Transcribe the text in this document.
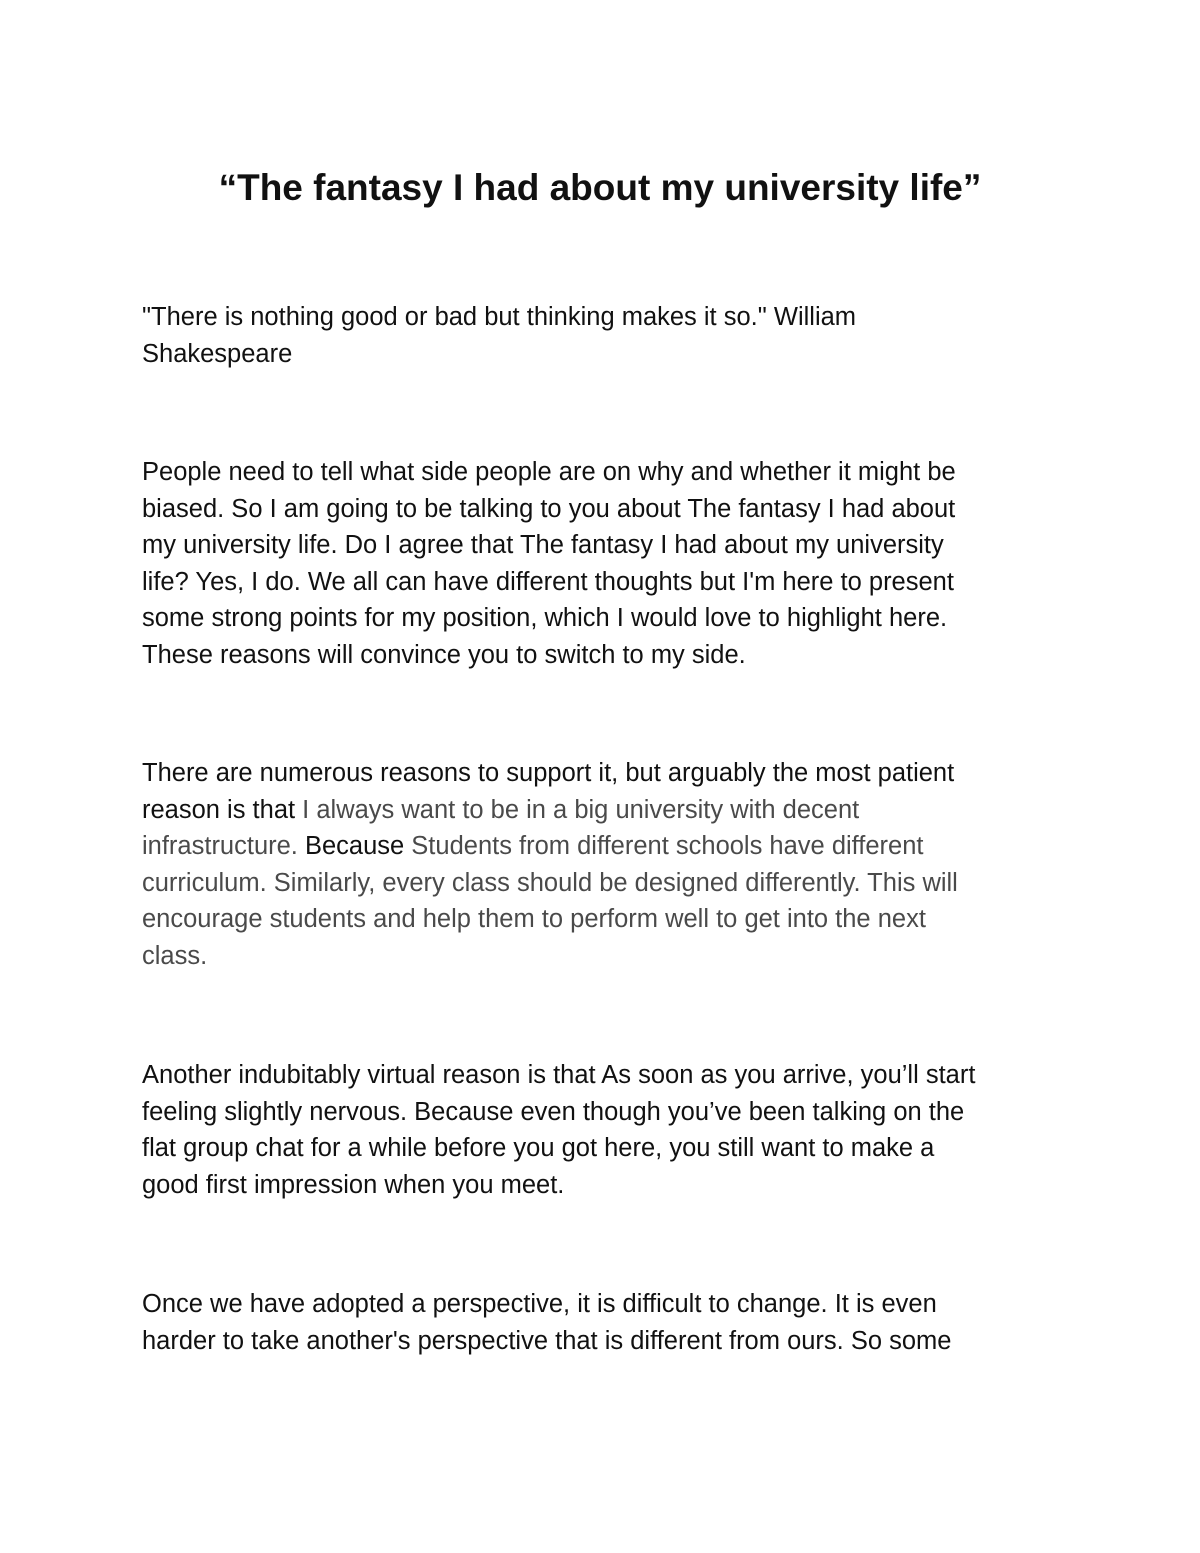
“The fantasy I had about my university life”

"There is nothing good or bad but thinking makes it so." William
Shakespeare

People need to tell what side people are on why and whether it might be
biased. So I am going to be talking to you about The fantasy I had about
my university life. Do I agree that The fantasy I had about my university
life? Yes, I do. We all can have different thoughts but I'm here to present
some strong points for my position, which I would love to highlight here.
These reasons will convince you to switch to my side.

There are numerous reasons to support it, but arguably the most patient
reason is that I always want to be in a big university with decent
infrastructure. Because Students from different schools have different
curriculum. Similarly, every class should be designed differently. This will
encourage students and help them to perform well to get into the next
class.

Another indubitably virtual reason is that As soon as you arrive, you’ll start
feeling slightly nervous. Because even though you’ve been talking on the
flat group chat for a while before you got here, you still want to make a
good first impression when you meet.

Once we have adopted a perspective, it is difficult to change. It is even
harder to take another's perspective that is different from ours. So some
